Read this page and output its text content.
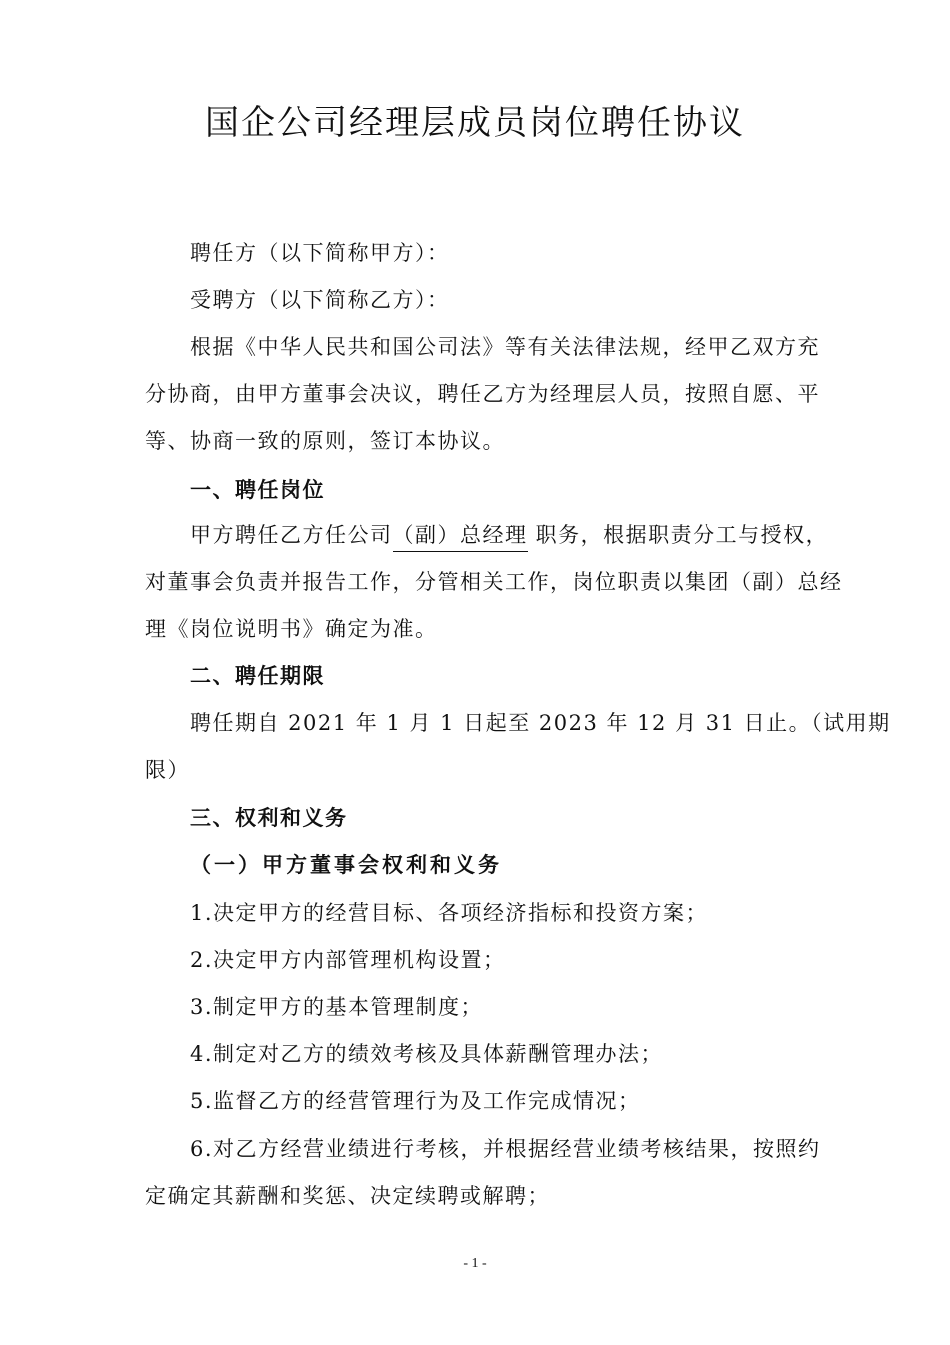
国企公司经理层成员岗位聘任协议
聘任方（以下简称甲方）：
受聘方（以下简称乙方）：
根据《中华人民共和国公司法》等有关法律法规，经甲乙双方充
分协商，由甲方董事会决议，聘任乙方为经理层人员，按照自愿、平
等、协商一致的原则，签订本协议。
一、聘任岗位
甲方聘任乙方任公司（副）总经理 职务，根据职责分工与授权，
对董事会负责并报告工作，分管相关工作，岗位职责以集团（副）总经
理《岗位说明书》确定为准。
二、聘任期限
聘任期自 2021 年 1 月 1 日起至 2023 年 12 月 31 日止。（试用期
限）
三、权利和义务
（一）甲方董事会权利和义务
1.决定甲方的经营目标、各项经济指标和投资方案；
2.决定甲方内部管理机构设置；
3.制定甲方的基本管理制度；
4.制定对乙方的绩效考核及具体薪酬管理办法；
5.监督乙方的经营管理行为及工作完成情况；
6.对乙方经营业绩进行考核，并根据经营业绩考核结果，按照约
定确定其薪酬和奖惩、决定续聘或解聘；
- 1 -
